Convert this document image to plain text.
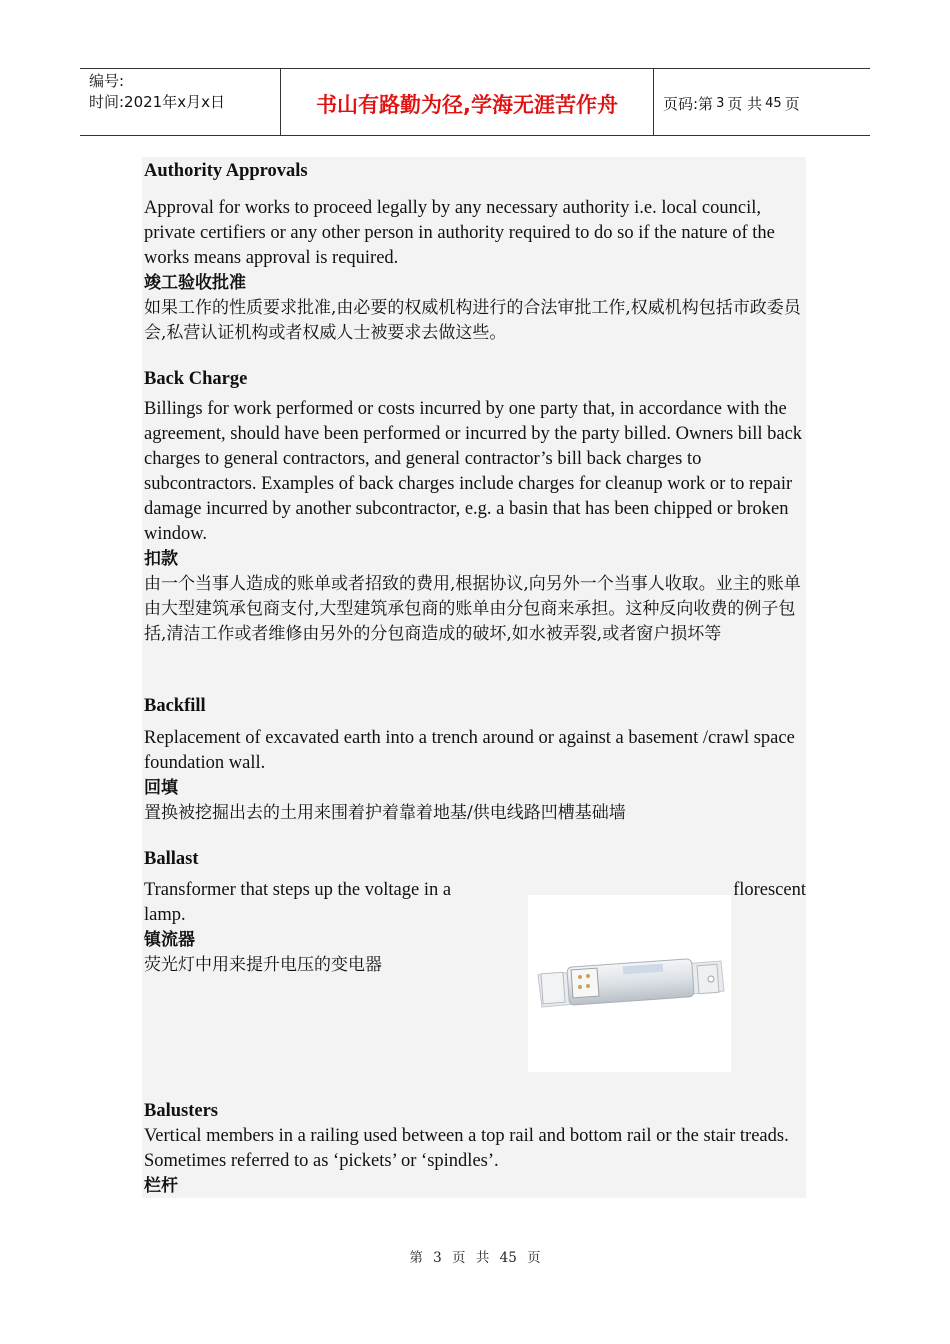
编号:
时间:2021年x月x日	书山有路勤为径,学海无涯苦作舟	页码:第 3 页 共 45 页

Authority Approvals

Approval for works to proceed legally by any necessary authority i.e. local council, private certifiers or any other person in authority required to do so if the nature of the works means approval is required.

竣工验收批准

如果工作的性质要求批准,由必要的权威机构进行的合法审批工作,权威机构包括市政委员会,私营认证机构或者权威人士被要求去做这些。

Back Charge

Billings for work performed or costs incurred by one party that, in accordance with the agreement, should have been performed or incurred by the party billed. Owners bill back charges to general contractors, and general contractor’s bill back charges to subcontractors. Examples of back charges include charges for cleanup work or to repair damage incurred by another subcontractor, e.g. a basin that has been chipped or broken window.

扣款

由一个当事人造成的账单或者招致的费用,根据协议,向另外一个当事人收取。业主的账单由大型建筑承包商支付,大型建筑承包商的账单由分包商来承担。这种反向收费的例子包括,清洁工作或者维修由另外的分包商造成的破坏,如水被弄裂,或者窗户损坏等

Backfill

Replacement of excavated earth into a trench around or against a basement /crawl space foundation wall.

回填

置换被挖掘出去的土用来围着护着靠着地基/供电线路凹槽基础墙

Ballast

Transformer that steps up the voltage in a	florescent

lamp.

镇流器

荧光灯中用来提升电压的变电器

Balusters

Vertical members in a railing used between a top rail and bottom rail or the stair treads. Sometimes referred to as ‘pickets’ or ‘spindles’.

栏杆

第 3 页 共 45 页
